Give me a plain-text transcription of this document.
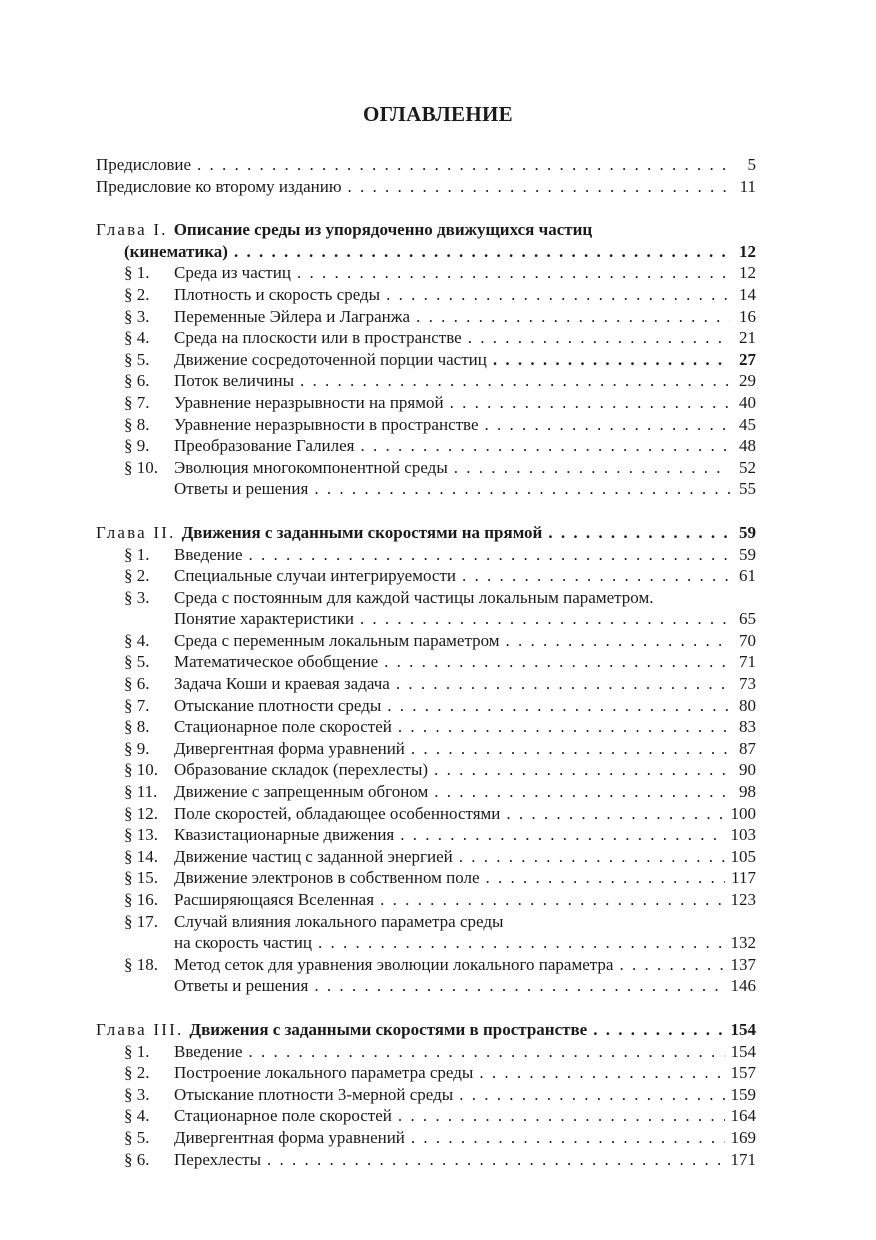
ОГЛАВЛЕНИЕ
Предисловие . . .	5
Предисловие ко второму изданию . . .	11
Глава I. Описание среды из упорядоченно движущихся частиц
(кинематика) . . .	12
§ 1.	Среда из частиц . . .	12
§ 2.	Плотность и скорость среды . . .	14
§ 3.	Переменные Эйлера и Лагранжа . . .	16
§ 4.	Среда на плоскости или в пространстве . . .	21
§ 5.	Движение сосредоточенной порции частиц . . .	27
§ 6.	Поток величины . . .	29
§ 7.	Уравнение неразрывности на прямой . . .	40
§ 8.	Уравнение неразрывности в пространстве . . .	45
§ 9.	Преобразование Галилея . . .	48
§ 10. Эволюция многокомпонентной среды . . .	52
Ответы и решения . . .	55
Глава II. Движения с заданными скоростями на прямой . . .	59
§ 1.	Введение . . .	59
§ 2.	Специальные случаи интегрируемости . . .	61
§ 3.	Среда с постоянным для каждой частицы локальным параметром.
Понятие характеристики . . .	65
§ 4.	Среда с переменным локальным параметром . . .	70
§ 5.	Математическое обобщение . . .	71
§ 6.	Задача Коши и краевая задача . . .	73
§ 7.	Отыскание плотности среды . . .	80
§ 8.	Стационарное поле скоростей . . .	83
§ 9.	Дивергентная форма уравнений . . .	87
§ 10. Образование складок (перехлесты) . . .	90
§ 11. Движение с запрещенным обгоном . . .	98
§ 12. Поле скоростей, обладающее особенностями . . .	100
§ 13. Квазистационарные движения . . .	103
§ 14. Движение частиц с заданной энергией . . .	105
§ 15. Движение электронов в собственном поле . . .	117
§ 16. Расширяющаяся Вселенная . . .	123
§ 17. Случай влияния локального параметра среды
на скорость частиц . . .	132
§ 18. Метод сеток для уравнения эволюции локального параметра . . .	137
Ответы и решения . . .	146
Глава III. Движения с заданными скоростями в пространстве . . .	154
§ 1.	Введение . . .	154
§ 2.	Построение локального параметра среды . . .	157
§ 3.	Отыскание плотности 3-мерной среды . . .	159
§ 4.	Стационарное поле скоростей . . .	164
§ 5.	Дивергентная форма уравнений . . .	169
§ 6.	Перехлесты . . .	171
